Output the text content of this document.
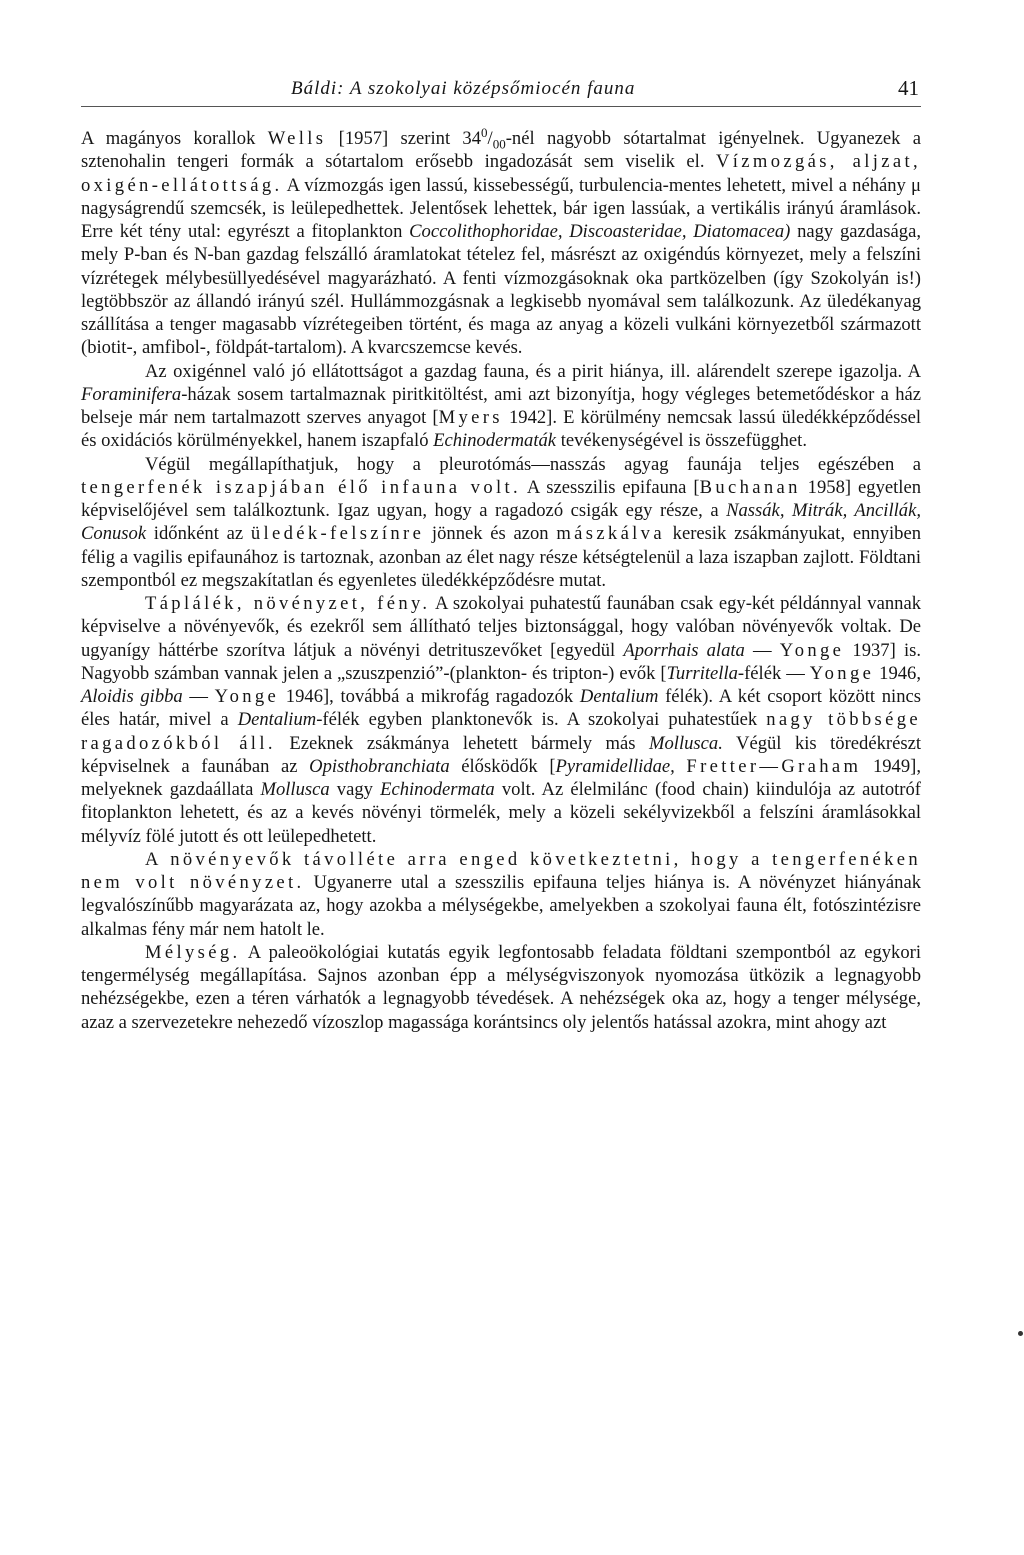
Báldi: A szokolyai középsőmiocén fauna	41

A magányos korallok Wells [1957] szerint $34^0/_{00}$-nél nagyobb sótartalmat igényelnek. Ugyanezek a sztenohalin tengeri formák a sótartalom erősebb ingadozását sem viselik el. Vízmozgás, aljzat, oxigén-ellátottság. A vízmozgás igen lassú, kissebességű, turbulencia-mentes lehetett, mivel a néhány μ nagyságrendű szemcsék, is leülepedhettek. Jelentősek lehettek, bár igen lassúak, a vertikális irányú áramlások. Erre két tény utal: egyrészt a fitoplankton Coccolithophoridae, Discoasteridae, Diatomacea) nagy gazdasága, mely P-ban és N-ban gazdag felszálló áramlatokat tételez fel, másrészt az oxigéndús környezet, mely a felszíni vízrétegek mélybesüllyedésével magyarázható. A fenti vízmozgásoknak oka partközelben (így Szokolyán is!) legtöbbször az állandó irányú szél. Hullámmozgásnak a legkisebb nyomával sem találkozunk. Az üledékanyag szállítása a tenger magasabb vízrétegeiben történt, és maga az anyag a közeli vulkáni környezetből származott (biotit-, amfibol-, földpát-tartalom). A kvarcszemcse kevés.

Az oxigénnel való jó ellátottságot a gazdag fauna, és a pirit hiánya, ill. alárendelt szerepe igazolja. A Foraminifera-házak sosem tartalmaznak piritkitöltést, ami azt bizonyítja, hogy végleges betemetődéskor a ház belseje már nem tartalmazott szerves anyagot [Myers 1942]. E körülmény nemcsak lassú üledékképződéssel és oxidációs körülményekkel, hanem iszapfaló Echinodermaták tevékenységével is összefügghet.

Végül megállapíthatjuk, hogy a pleurotómás—nasszás agyag faunája teljes egészében a tengerfenék iszapjában élő infauna volt. A szesszilis epifauna [Buchanan 1958] egyetlen képviselőjével sem találkoztunk. Igaz ugyan, hogy a ragadozó csigák egy része, a Nassák, Mitrák, Ancillák, Conusok időnként az üledék-felszínre jönnek és azon mászkálva keresik zsákmányukat, ennyiben félig a vagilis epifaunához is tartoznak, azonban az élet nagy része kétségtelenül a laza iszapban zajlott. Földtani szempontból ez megszakítatlan és egyenletes üledékképződésre mutat.

Táplálék, növényzet, fény. A szokolyai puhatestű faunában csak egy-két példánnyal vannak képviselve a növényevők, és ezekről sem állítható teljes biztonsággal, hogy valóban növényevők voltak. De ugyanígy háttérbe szorítva látjuk a növényi detrituszevőket [egyedül Aporrhais alata — Yonge 1937] is. Nagyobb számban vannak jelen a „szuszpenzió”-(plankton- és tripton-) evők [Turritella-félék — Yonge 1946, Aloidis gibba — Yonge 1946], továbbá a mikrofág ragadozók Dentalium félék). A két csoport között nincs éles határ, mivel a Dentalium-félék egyben planktonevők is. A szokolyai puhatestűek nagy többsége ragadozókból áll. Ezeknek zsákmánya lehetett bármely más Mollusca. Végül kis töredékrészt képviselnek a faunában az Opisthobranchiata élősködők [Pyramidellidae, Fretter—Graham 1949], melyeknek gazdaállata Mollusca vagy Echinodermata volt. Az élelmilánc (food chain) kiindulója az autotróf fitoplankton lehetett, és az a kevés növényi törmelék, mely a közeli sekélyvizekből a felszíni áramlásokkal mélyvíz fölé jutott és ott leülepedhetett.

A növényevők távolléte arra enged következtetni, hogy a tengerfenéken nem volt növényzet. Ugyanerre utal a szesszilis epifauna teljes hiánya is. A növényzet hiányának legvalószínűbb magyarázata az, hogy azokba a mélységekbe, amelyekben a szokolyai fauna élt, fotószintézisre alkalmas fény már nem hatolt le.

Mélység. A paleoökológiai kutatás egyik legfontosabb feladata földtani szempontból az egykori tengermélység megállapítása. Sajnos azonban épp a mélységviszonyok nyomozása ütközik a legnagyobb nehézségekbe, ezen a téren várhatók a legnagyobb tévedések. A nehézségek oka az, hogy a tenger mélysége, azaz a szervezetekre nehezedő vízoszlop magassága korántsincs oly jelentős hatással azokra, mint ahogy azt
